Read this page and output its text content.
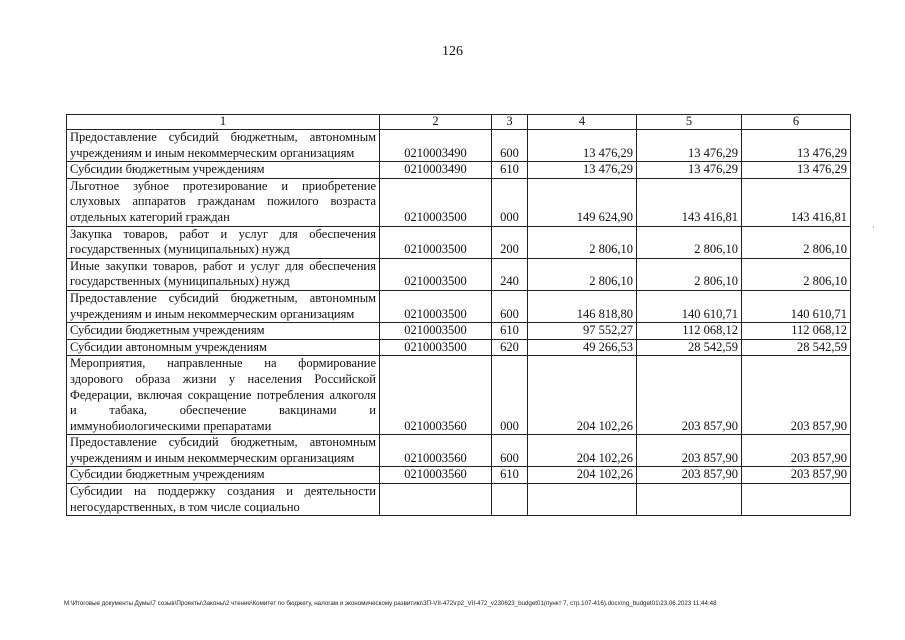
126
1	2	3	4	5	6
Предоставление субсидий бюджетным, автономным учреждениям и иным некоммерческим организациям	0210003490	600	13 476,29	13 476,29	13 476,29
Субсидии бюджетным учреждениям	0210003490	610	13 476,29	13 476,29	13 476,29
Льготное зубное протезирование и приобретение слуховых аппаратов гражданам пожилого возраста отдельных категорий граждан	0210003500	000	149 624,90	143 416,81	143 416,81
Закупка товаров, работ и услуг для обеспечения государственных (муниципальных) нужд	0210003500	200	2 806,10	2 806,10	2 806,10
Иные закупки товаров, работ и услуг для обеспечения государственных (муниципальных) нужд	0210003500	240	2 806,10	2 806,10	2 806,10
Предоставление субсидий бюджетным, автономным учреждениям и иным некоммерческим организациям	0210003500	600	146 818,80	140 610,71	140 610,71
Субсидии бюджетным учреждениям	0210003500	610	97 552,27	112 068,12	112 068,12
Субсидии автономным учреждениям	0210003500	620	49 266,53	28 542,59	28 542,59
Мероприятия, направленные на формирование здорового образа жизни у населения Российской Федерации, включая сокращение потребления алкоголя и табака, обеспечение вакцинами и иммунобиологическими препаратами	0210003560	000	204 102,26	203 857,90	203 857,90
Предоставление субсидий бюджетным, автономным учреждениям и иным некоммерческим организациям	0210003560	600	204 102,26	203 857,90	203 857,90
Субсидии бюджетным учреждениям	0210003560	610	204 102,26	203 857,90	203 857,90
Субсидии на поддержку создания и деятельности негосударственных, в том числе социально					
·
M:\Итоговые документы Думы\7 созыв\Проекты\Законы\2 чтение\Комитет по бюджету, налогам и экономическому развитию\ЗП-VII-472\гр2_VII-472_v230623_budget01(пункт 7, стр.107-416).docx\ng_budget01\23.06.2023 11:44:48
